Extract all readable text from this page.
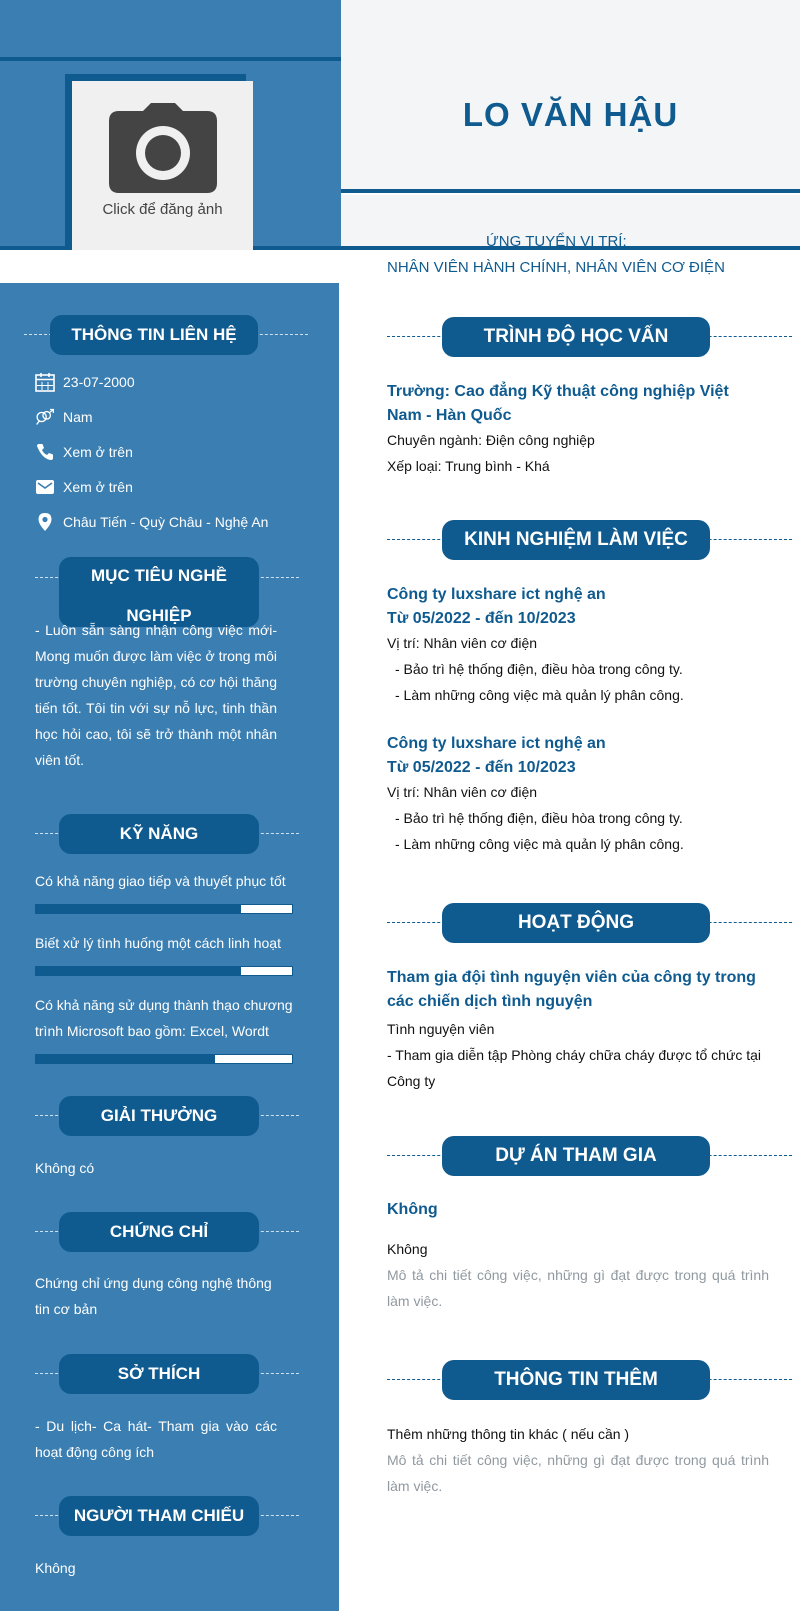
Click để đăng ảnh
LO VĂN HẬU
ỨNG TUYỂN VỊ TRÍ:
NHÂN VIÊN HÀNH CHÍNH, NHÂN VIÊN CƠ ĐIỆN
THÔNG TIN LIÊN HỆ
23-07-2000
Nam
Xem ở trên
Xem ở trên
Châu Tiến - Quỳ Châu - Nghệ An
MỤC TIÊU NGHỀ
NGHIỆP
- Luôn sẵn sàng nhận công việc mới- Mong muốn được làm việc ở trong môi trường chuyên nghiệp, có cơ hội thăng tiến tốt. Tôi tin với sự nỗ lực, tinh thần học hỏi cao, tôi sẽ trở thành một nhân viên tốt.
KỸ NĂNG
Có khả năng giao tiếp và thuyết phục tốt
Biết xử lý tình huống một cách linh hoạt
Có khả năng sử dụng thành thạo chương trình Microsoft bao gồm: Excel, Wordt
GIẢI THƯỞNG
Không có
CHỨNG CHỈ
Chứng chỉ ứng dụng công nghệ thông tin cơ bản
SỞ THÍCH
- Du lịch- Ca hát- Tham gia vào các hoạt động công ích
NGƯỜI THAM CHIẾU
Không
TRÌNH ĐỘ HỌC VẤN
Trường: Cao đẳng Kỹ thuật công nghiệp Việt Nam - Hàn Quốc
Chuyên ngành: Điện công nghiệp
Xếp loại: Trung bình - Khá
KINH NGHIỆM LÀM VIỆC
Công ty luxshare ict nghệ an
Từ 05/2022 - đến 10/2023
Vị trí: Nhân viên cơ điện
- Bảo trì hệ thống điện, điều hòa trong công ty.
- Làm những công việc mà quản lý phân công.
Công ty luxshare ict nghệ an
Từ 05/2022 - đến 10/2023
Vị trí: Nhân viên cơ điện
- Bảo trì hệ thống điện, điều hòa trong công ty.
- Làm những công việc mà quản lý phân công.
HOẠT ĐỘNG
Tham gia đội tình nguyện viên của công ty trong các chiến dịch tình nguyện
Tình nguyện viên
- Tham gia diễn tập Phòng cháy chữa cháy được tổ chức tại Công ty
DỰ ÁN THAM GIA
Không
Không
Mô tả chi tiết công việc, những gì đạt được trong quá trình làm việc.
THÔNG TIN THÊM
Thêm những thông tin khác ( nếu cần )
Mô tả chi tiết công việc, những gì đạt được trong quá trình làm việc.
